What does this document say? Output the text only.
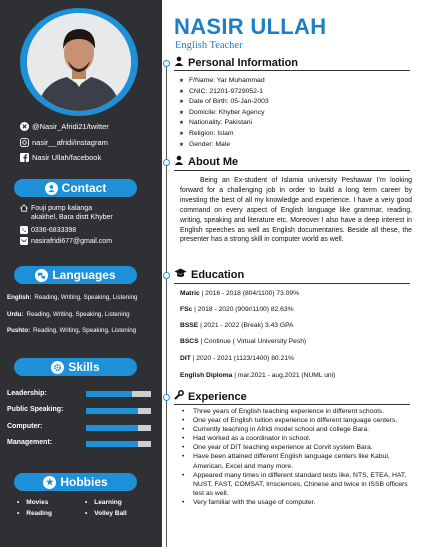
@Nasir_Afridi21/twitter
nasir__afridi/instagram
Nasir Ullah/facebook
Contact
Fouji pump kalanga
akakhel, Bara distt Khyber
0336-6833398
nasirafridi677@gmail.com
Languages
English: Reading, Writing, Speaking, Listening
Urdu: Reading, Writing, Speaking, Listening
Pushto: Reading, Writing, Speaking, Listening
Skills
Leadership:
Public Speaking:
Computer:
Management:
★ Hobbies
• Movies
• Reading
• Learning
• Volley Ball
NASIR ULLAH
English Teacher
Personal Information
★ F/Name: Yar Muhammad
★ CNIC: 21201-9729052-1
★ Date of Birth: 05-Jan-2003
★ Domicile: Khyber Agency
★ Nationality: Pakistani
★ Religion: Islam
★ Gender: Male
About Me

Being an Ex-student of Islamia university Peshawar I’m looking forward for a challenging job in order to build a long term career by investing the best of all my knowledge and experience. I have a very good command on every aspect of English language like grammar, reading, writing, speaking and literature etc. Moreover I also have a deep interest in English speeches as well as English documentaries. Beside all these, the presenter has a strong skill in computer world as well.

Education
Matric | 2016 - 2018 (804/1100) 73.09%
FSc | 2018 - 2020 (909//1100) 82.63%
BSSE | 2021 - 2022 (Break) 3.43 GPA
BSCS | Continue ( Virtual University Pesh)
DIT | 2020 - 2021 (1123/1400) 80.21%
English Diploma | mar,2021 - aug,2021 (NUML uni)
Experience
• Three years of English teaching experience in different schools.
• One year of English tuition experience in different language centers.
• Currently teaching in Afridi model school and college Bara.
• Had worked as a coordinator in school.
• One year of DIT teaching experience at Corvit system Bara.
• Have been attained different English language centers like Kabul, American, Excel and many more.
• Appeared many times in different standard tests like, NTS, ETEA, HAT, NUST, FAST, COMSAT, Imsciences, Chinese and twice in ISSB officers test as well.
• Very familiar with the usage of computer.
